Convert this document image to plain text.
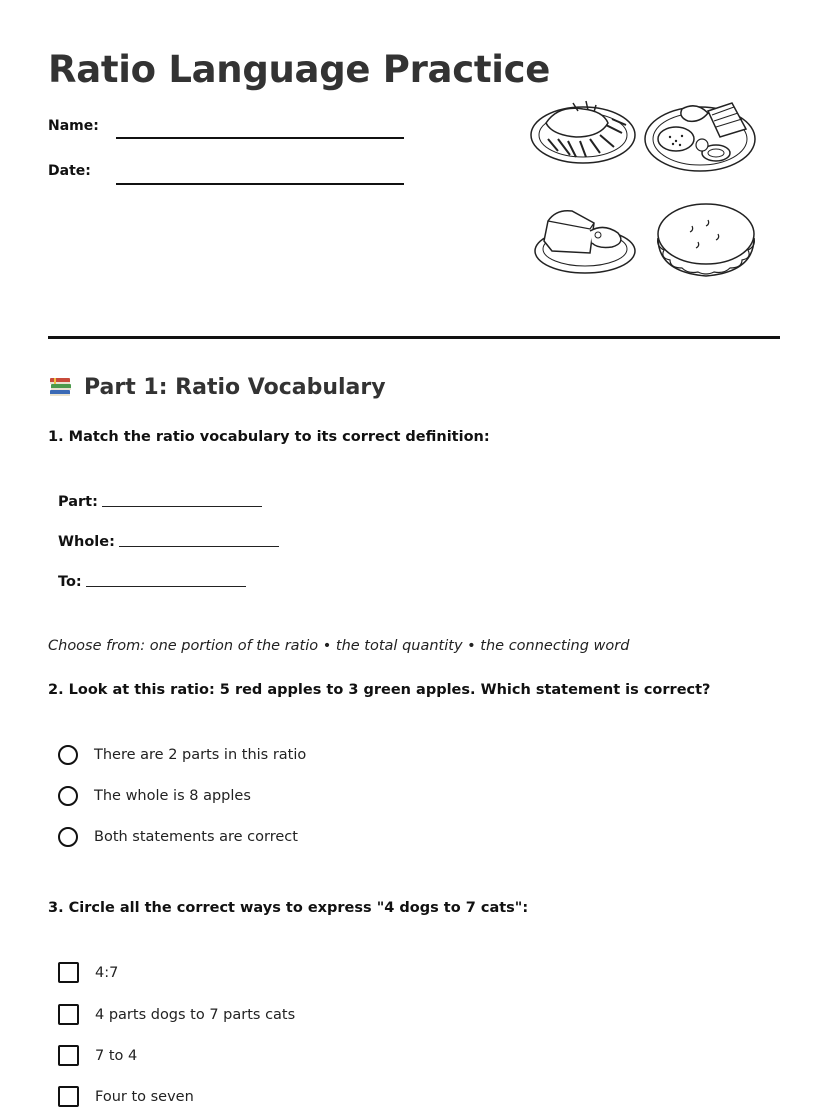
Ratio Language Practice
Name:
Date:
Part 1: Ratio Vocabulary
1. Match the ratio vocabulary to its correct definition:
Part:
Whole:
To:
Choose from: one portion of the ratio • the total quantity • the connecting word
2. Look at this ratio: 5 red apples to 3 green apples. Which statement is correct?
There are 2 parts in this ratio
The whole is 8 apples
Both statements are correct
3. Circle all the correct ways to express "4 dogs to 7 cats":
4:7
4 parts dogs to 7 parts cats
7 to 4
Four to seven
